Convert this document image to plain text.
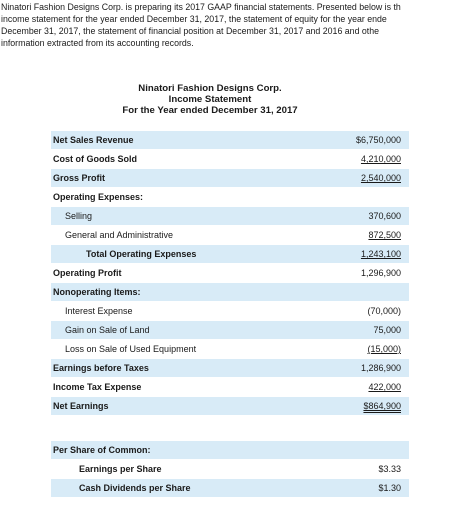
Ninatori Fashion Designs Corp. is preparing its 2017 GAAP financial statements. Presented below is th
income statement for the year ended December 31, 2017, the statement of equity for the year ende
December 31, 2017, the statement of financial position at December 31, 2017 and 2016 and othe
information extracted from its accounting records.
Ninatori Fashion Designs Corp.
Income Statement
For the Year ended December 31, 2017
Net Sales Revenue	$6,750,000
Cost of Goods Sold	4,210,000
Gross Profit	2,540,000
Operating Expenses:
Selling	370,600
General and Administrative	872,500
Total Operating Expenses	1,243,100
Operating Profit	1,296,900
Nonoperating Items:
Interest Expense	(70,000)
Gain on Sale of Land	75,000
Loss on Sale of Used Equipment	(15,000)
Earnings before Taxes	1,286,900
Income Tax Expense	422,000
Net Earnings	$864,900
Per Share of Common:
Earnings per Share	$3.33
Cash Dividends per Share	$1.30
